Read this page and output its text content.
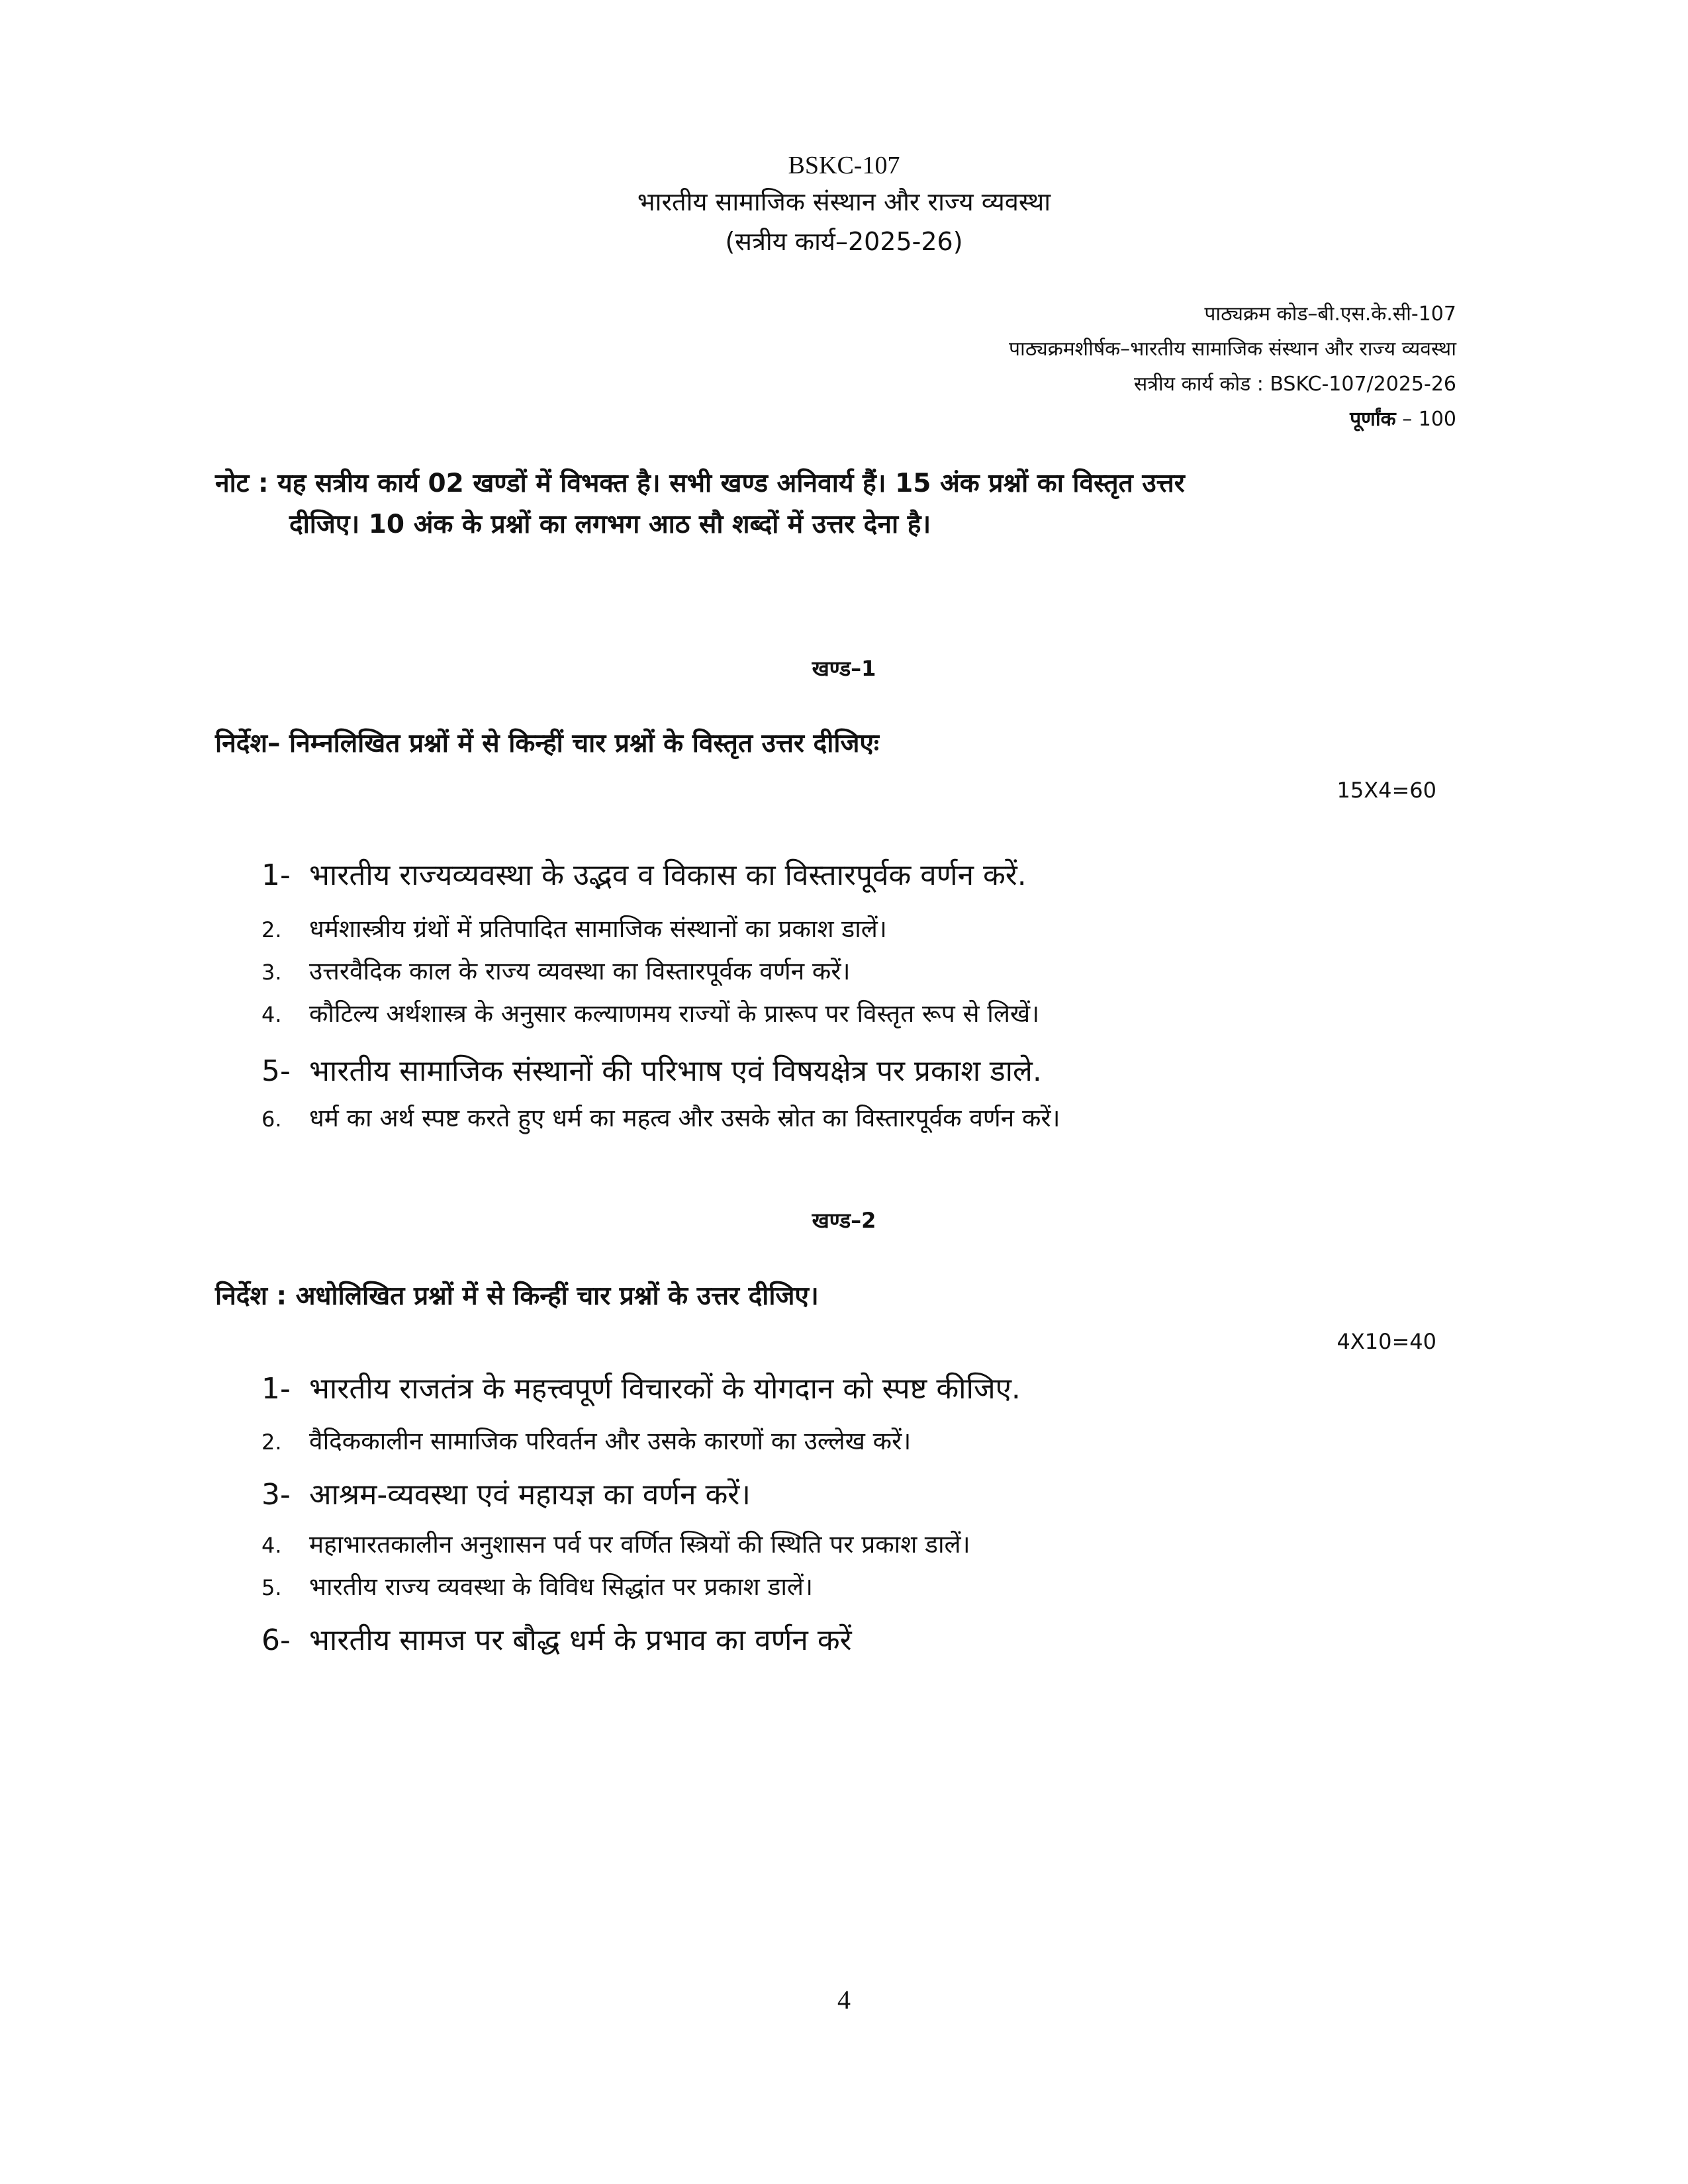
BSKC-107
भारतीय सामाजिक संस्थान और राज्य व्यवस्था
(सत्रीय कार्य–2025-26)
पाठ्यक्रम कोड–बी.एस.के.सी-107
पाठ्यक्रमशीर्षक–भारतीय सामाजिक संस्थान और राज्य व्यवस्था
सत्रीय कार्य कोड : BSKC-107/2025-26
पूर्णांक – 100
नोट : यह सत्रीय कार्य 02 खण्डों में विभक्त है। सभी खण्ड अनिवार्य हैं। 15 अंक प्रश्नों का विस्तृत उत्तर
दीजिए। 10 अंक के प्रश्नों का लगभग आठ सौ शब्दों में उत्तर देना है।
खण्ड–1
निर्देश– निम्नलिखित प्रश्नों में से किन्हीं चार प्रश्नों के विस्तृत उत्तर दीजिएः
15X4=60
1- भारतीय राज्यव्यवस्था के उद्भव व विकास का विस्तारपूर्वक वर्णन करें.
2. धर्मशास्त्रीय ग्रंथों में प्रतिपादित सामाजिक संस्थानों का प्रकाश डालें।
3. उत्तरवैदिक काल के राज्य व्यवस्था का विस्तारपूर्वक वर्णन करें।
4. कौटिल्य अर्थशास्त्र के अनुसार कल्याणमय राज्यों के प्रारूप पर विस्तृत रूप से लिखें।
5- भारतीय सामाजिक संस्थानों की परिभाष एवं विषयक्षेत्र पर प्रकाश डाले.
6. धर्म का अर्थ स्पष्ट करते हुए धर्म का महत्व और उसके स्रोत का विस्तारपूर्वक वर्णन करें।
खण्ड–2
निर्देश : अधोलिखित प्रश्नों में से किन्हीं चार प्रश्नों के उत्तर दीजिए।
4X10=40
1- भारतीय राजतंत्र के महत्त्वपूर्ण विचारकों के योगदान को स्पष्ट कीजिए.
2. वैदिककालीन सामाजिक परिवर्तन और उसके कारणों का उल्लेख करें।
3- आश्रम-व्यवस्था एवं महायज्ञ का वर्णन करें।
4. महाभारतकालीन अनुशासन पर्व पर वर्णित स्त्रियों की स्थिति पर प्रकाश डालें।
5. भारतीय राज्य व्यवस्था के विविध सिद्धांत पर प्रकाश डालें।
6- भारतीय सामज पर बौद्ध धर्म के प्रभाव का वर्णन करें
4
